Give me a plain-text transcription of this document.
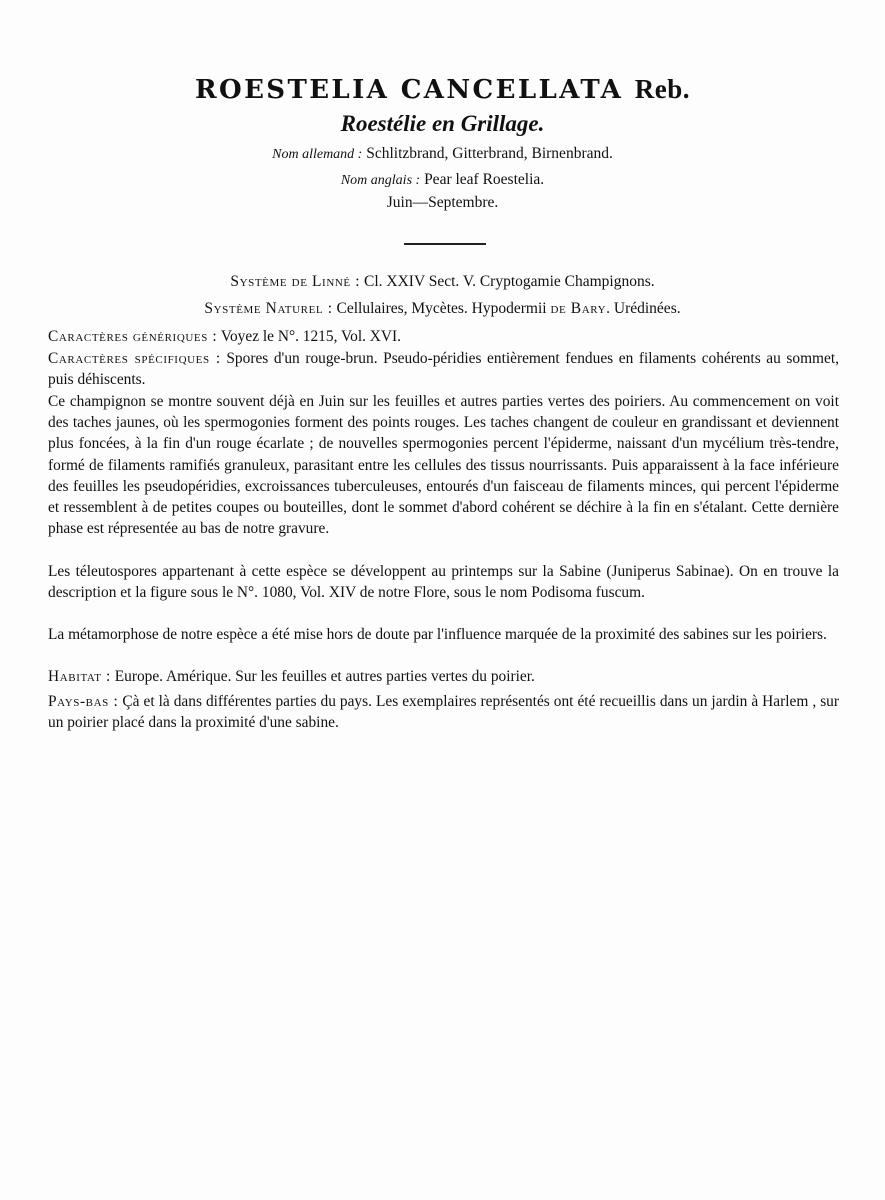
ROESTELIA CANCELLATA Reb.
Roestélie en Grillage.

Nom allemand : Schlitzbrand, Gitterbrand, Birnenbrand.

Nom anglais : Pear leaf Roestelia.

Juin—Septembre.

Système de Linné : Cl. XXIV Sect. V. Cryptogamie Champignons.

Système Naturel : Cellulaires, Mycètes. Hypodermii de Bary. Urédinées.

Caractères génériques : Voyez le N°. 1215, Vol. XVI.

Caractères spécifiques : Spores d'un rouge-brun. Pseudo-péridies entièrement fendues en filaments cohérents au sommet, puis déhiscents.

Ce champignon se montre souvent déjà en Juin sur les feuilles et autres parties vertes des poiriers. Au commencement on voit des taches jaunes, où les spermogonies forment des points rouges. Les taches changent de couleur en grandissant et deviennent plus foncées, à la fin d'un rouge écarlate ; de nouvelles spermogonies percent l'épiderme, naissant d'un mycélium très-tendre, formé de filaments ramifiés granuleux, parasitant entre les cellules des tissus nourrissants. Puis apparaissent à la face inférieure des feuilles les pseudopéridies, excroissances tuberculeuses, entourés d'un faisceau de filaments minces, qui percent l'épiderme et ressemblent à de petites coupes ou bouteilles, dont le sommet d'abord cohérent se déchire à la fin en s'étalant. Cette dernière phase est répresentée au bas de notre gravure.

Les téleutospores appartenant à cette espèce se développent au printemps sur la Sabine (Juniperus Sabinae). On en trouve la description et la figure sous le N°. 1080, Vol. XIV de notre Flore, sous le nom Podisoma fuscum.

La métamorphose de notre espèce a été mise hors de doute par l'influence marquée de la proximité des sabines sur les poiriers.

Habitat : Europe. Amérique. Sur les feuilles et autres parties vertes du poirier.

Pays-bas : Çà et là dans différentes parties du pays. Les exemplaires représentés ont été recueillis dans un jardin à Harlem , sur un poirier placé dans la proximité d'une sabine.
